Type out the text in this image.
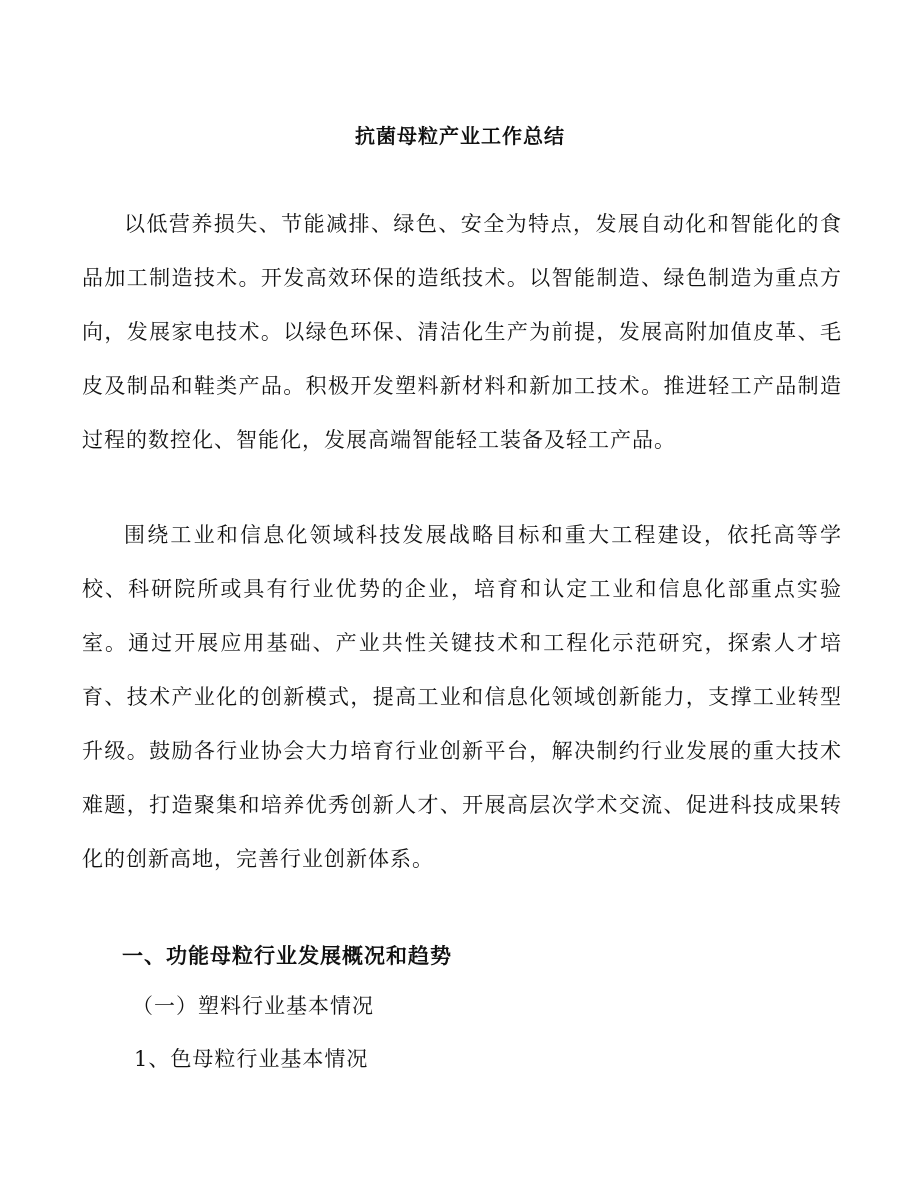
抗菌母粒产业工作总结

以低营养损失、节能减排、绿色、安全为特点，发展自动化和智能化的食品加工制造技术。开发高效环保的造纸技术。以智能制造、绿色制造为重点方向，发展家电技术。以绿色环保、清洁化生产为前提，发展高附加值皮革、毛皮及制品和鞋类产品。积极开发塑料新材料和新加工技术。推进轻工产品制造过程的数控化、智能化，发展高端智能轻工装备及轻工产品。

围绕工业和信息化领域科技发展战略目标和重大工程建设，依托高等学校、科研院所或具有行业优势的企业，培育和认定工业和信息化部重点实验室。通过开展应用基础、产业共性关键技术和工程化示范研究，探索人才培育、技术产业化的创新模式，提高工业和信息化领域创新能力，支撑工业转型升级。鼓励各行业协会大力培育行业创新平台，解决制约行业发展的重大技术难题，打造聚集和培养优秀创新人才、开展高层次学术交流、促进科技成果转化的创新高地，完善行业创新体系。

一、功能母粒行业发展概况和趋势
（一）塑料行业基本情况
1、色母粒行业基本情况
